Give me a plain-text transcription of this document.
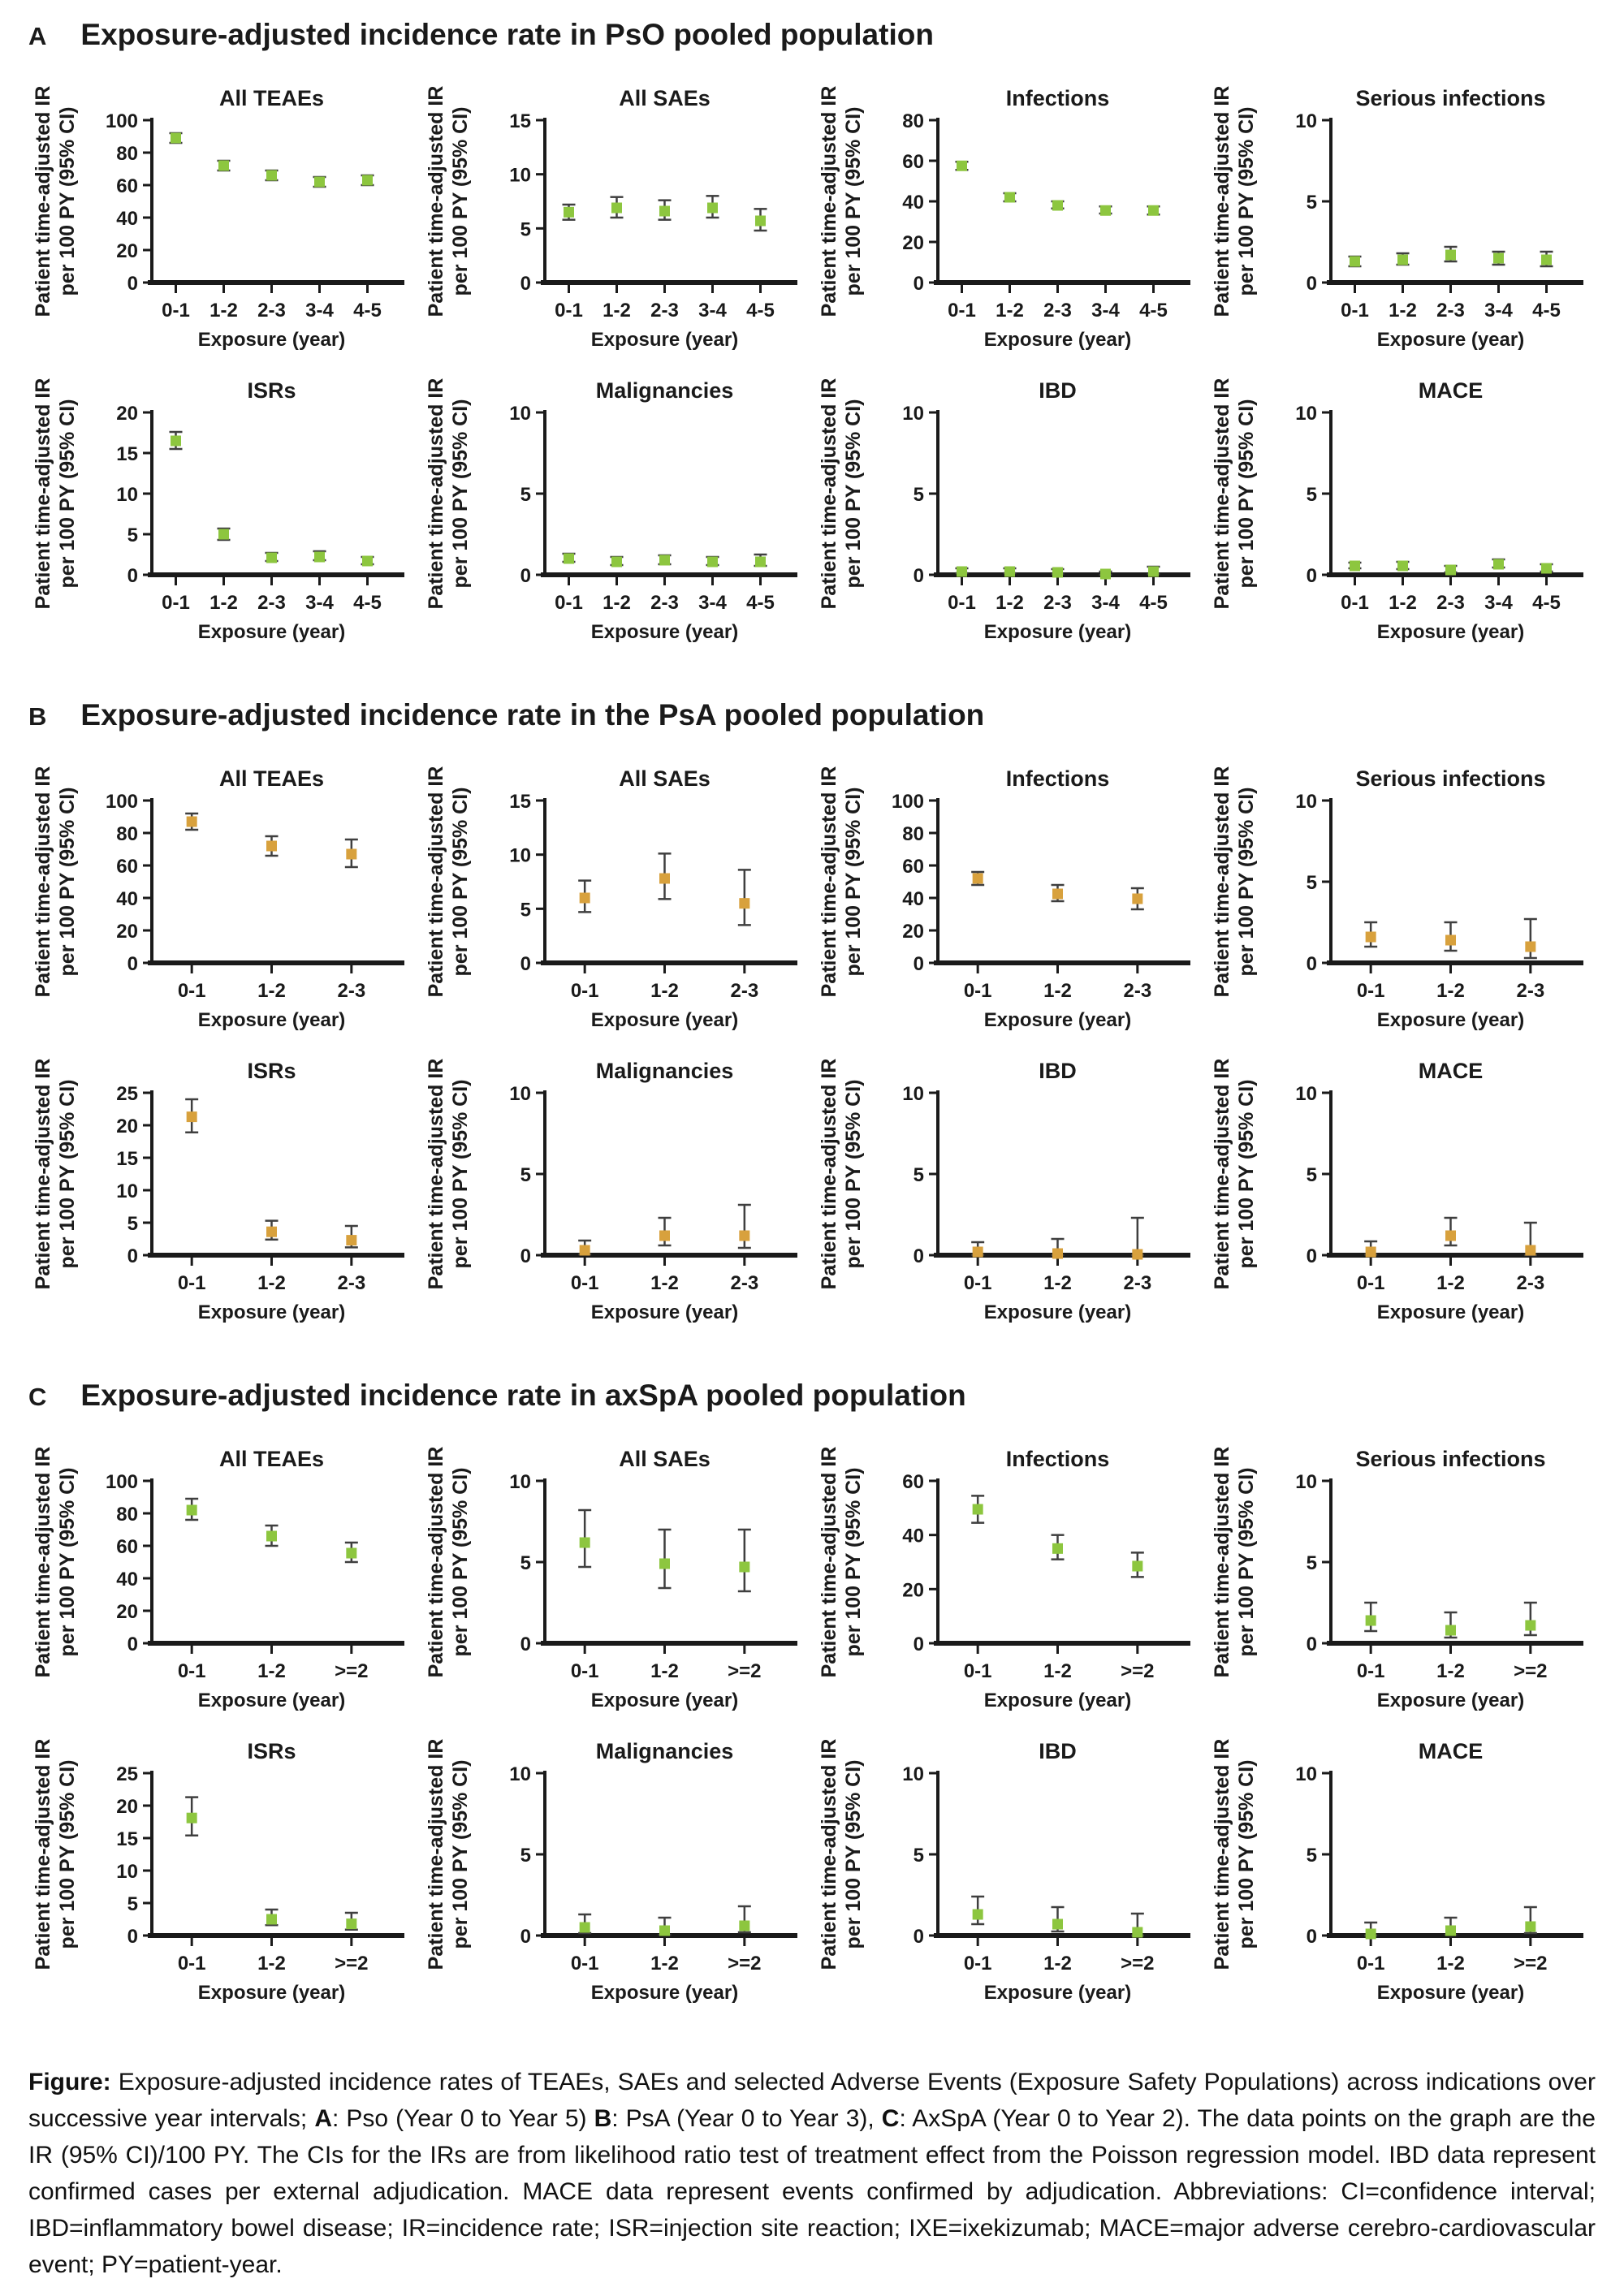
A Exposure-adjusted incidence rate in PsO pooled population
All TEAEs
Patient time-adjusted IR per 100 PY (95% CI) 0
20
40
60
80
100
0-1 1-2 2-3 3-4 4-5
Exposure (year)
All SAEs
Patient time-adjusted IR per 100 PY (95% CI) 0
5
10
15
0-1 1-2 2-3 3-4 4-5
Exposure (year)
Infections
Patient time-adjusted IR per 100 PY (95% CI) 0
20
40
60
80
0-1 1-2 2-3 3-4 4-5
Exposure (year)
Serious infections
Patient time-adjusted IR per 100 PY (95% CI) 0
5
10
0-1 1-2 2-3 3-4 4-5
Exposure (year)
ISRs
Patient time-adjusted IR per 100 PY (95% CI) 0
5
10
15
20
0-1 1-2 2-3 3-4 4-5
Exposure (year)
Malignancies
Patient time-adjusted IR per 100 PY (95% CI) 0
5
10
0-1 1-2 2-3 3-4 4-5
Exposure (year)
IBD
Patient time-adjusted IR per 100 PY (95% CI) 0
5
10
0-1 1-2 2-3 3-4 4-5
Exposure (year)
MACE
Patient time-adjusted IR per 100 PY (95% CI) 0
5
10
0-1 1-2 2-3 3-4 4-5
Exposure (year)
B Exposure-adjusted incidence rate in the PsA pooled population
All TEAEs
Patient time-adjusted IR per 100 PY (95% CI) 0
20
40
60
80
100
0-1	1-2	2-3
Exposure (year)
All SAEs
Patient time-adjusted IR per 100 PY (95% CI) 0
5
10
15
0-1	1-2	2-3
Exposure (year)
Infections
Patient time-adjusted IR per 100 PY (95% CI) 0
20
40
60
80
100
0-1	1-2	2-3
Exposure (year)
Serious infections
Patient time-adjusted IR per 100 PY (95% CI) 0
5
10
0-1	1-2	2-3
Exposure (year)
ISRs
Patient time-adjusted IR per 100 PY (95% CI) 0
5
10
15
20
25
0-1	1-2	2-3
Exposure (year)
Malignancies
Patient time-adjusted IR per 100 PY (95% CI) 0
5
10
0-1	1-2	2-3
Exposure (year)
IBD
Patient time-adjusted IR per 100 PY (95% CI) 0
5
10
0-1	1-2	2-3
Exposure (year)
MACE
Patient time-adjusted IR per 100 PY (95% CI) 0
5
10
0-1	1-2	2-3
Exposure (year)
C Exposure-adjusted incidence rate in axSpA pooled population
All TEAEs
Patient time-adjusted IR per 100 PY (95% CI) 0
20
40
60
80
100
0-1	1-2	>=2
Exposure (year)
All SAEs
Patient time-adjusted IR per 100 PY (95% CI) 0
5
10
0-1	1-2	>=2
Exposure (year)
Infections
Patient time-adjusted IR per 100 PY (95% CI) 0
20
40
60
0-1	1-2	>=2
Exposure (year)
Serious infections
Patient time-adjusted IR per 100 PY (95% CI) 0
5
10
0-1	1-2	>=2
Exposure (year)
ISRs
Patient time-adjusted IR per 100 PY (95% CI) 0
5
10
15
20
25
0-1	1-2	>=2
Exposure (year)
Malignancies
Patient time-adjusted IR per 100 PY (95% CI) 0
5
10
0-1	1-2	>=2
Exposure (year)
IBD
Patient time-adjusted IR per 100 PY (95% CI) 0
5
10
0-1	1-2	>=2
Exposure (year)
MACE
Patient time-adjusted IR per 100 PY (95% CI) 0
5
10
0-1	1-2	>=2
Exposure (year)

Figure: Exposure-adjusted incidence rates of TEAEs, SAEs and selected Adverse Events (Exposure Safety Populations) across indications over successive year intervals; A: Pso (Year 0 to Year 5) B: PsA (Year 0 to Year 3), C: AxSpA (Year 0 to Year 2). The data points on the graph are the IR (95% CI)/100 PY. The CIs for the IRs are from likelihood ratio test of treatment effect from the Poisson regression model. IBD data represent confirmed cases per external adjudication. MACE data represent events confirmed by adjudication. Abbreviations: CI=confidence interval; IBD=inflammatory bowel disease; IR=incidence rate; ISR=injection site reaction; IXE=ixekizumab; MACE=major adverse cerebro-cardiovascular event; PY=patient-year.
